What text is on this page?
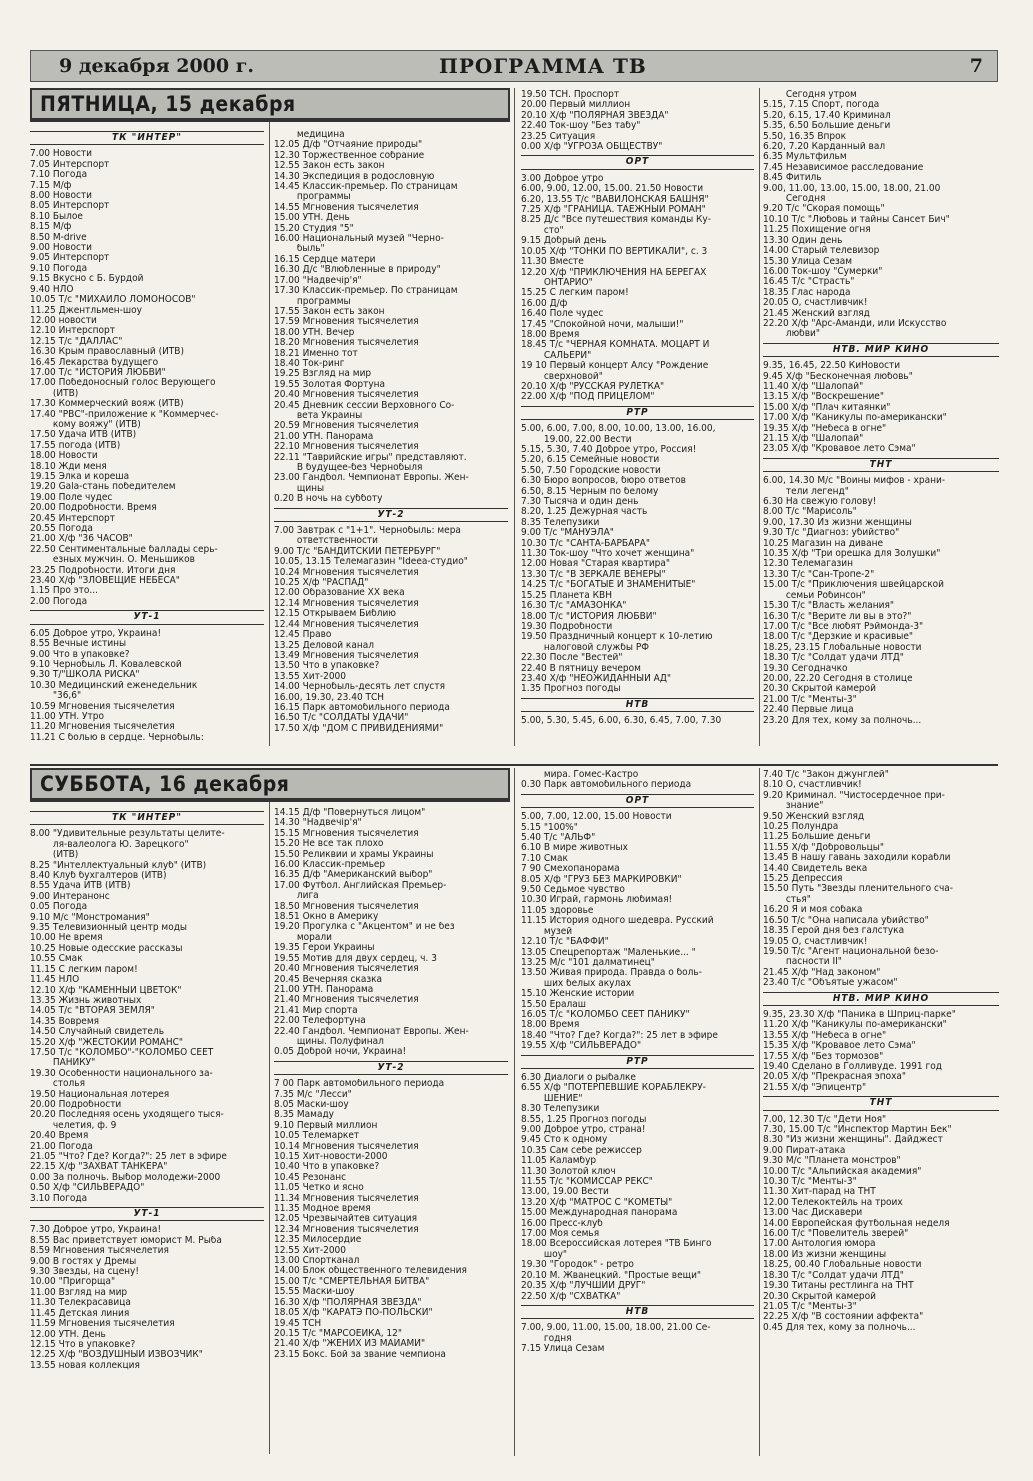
9 декабря 2000 г.	ПРОГРАММА ТВ	7
ПЯТНИЦА, 15 декабря
ТК "ИНТЕР"
7.00 Новости
7.05 Интерспорт
7.10 Погода
7.15 М/ф
8.00 Новости
8.05 Интерспорт
8.10 Былое
8.15 М/ф
8.50 M-drive
9.00 Новости
9.05 Интерспорт
9.10 Погода
9.15 Вкусно с Б. Бурдой
9.40 НЛО
10.05 Т/с "МИХАЙЛО ЛОМОНОСОВ"
11.25 Джентльмен-шоу
12.00 новости
12.10 Интерспорт
12.15 Т/с "ДАЛЛАС"
16.30 Крым православный (ИТВ)
16.45 Лекарства будущего
17.00 Т/с "ИСТОРИЯ ЛЮБВИ"
17.00 Победоносный голос Верующего
(ИТВ)
17.30 Коммерческий вояж (ИТВ)
17.40 "РВС"-приложение к "Коммерчес-
кому вояжу" (ИТВ)
17.50 Удача ИТВ (ИТВ)
17.55 погода (ИТВ)
18.00 Новости
18.10 Жди меня
19.15 Элка и кореша
19.20 Gala-стань победителем
19.00 Поле чудес
20.00 Подробности. Время
20.45 Интерспорт
20.55 Погода
21.00 Х/ф "36 ЧАСОВ"
22.50 Сентиментальные баллады серь-
езных мужчин. О. Меньшиков
23.25 Подробности. Итоги дня
23.40 Х/ф "ЗЛОВЕЩИЕ НЕБЕСА"
1.15 Про это...
2.00 Погода
УТ-1
6.05 Доброе утро, Украина!
8.55 Вечные истины
9.00 Что в упаковке?
9.10 Чернобыль Л. Ковалевской
9.30 Т/"ШКОЛА РИСКА"
10.30 Медицинский еженедельник
"36,6"
10.59 Мгновения тысячелетия
11.00 УТН. Утро
11.20 Мгновения тысячелетия
11.21 С болью в сердце. Чернобыль:
медицина
12.05 Д/ф "Отчаяние природы"
12.30 Торжественное собрание
12.55 Закон есть закон
14.30 Экспедиция в родословную
14.45 Классик-премьер. По страницам
программы
14.55 Мгновения тысячелетия
15.00 УТН. День
15.20 Студия "5"
16.00 Национальный музей "Черно-
быль"
16.15 Сердце матери
16.30 Д/с "Влюбленные в природу"
17.00 "Надвечiр'я"
17.30 Классик-премьер. По страницам
программы
17.55 Закон есть закон
17.59 Мгновения тысячелетия
18.00 УТН. Вечер
18.20 Мгновения тысячелетия
18.21 Именно тот
18.40 Ток-ринг
19.25 Взгляд на мир
19.55 Золотая Фортуна
20.40 Мгновения тысячелетия
20.45 Дневник сессии Верховного Со-
вета Украины
20.59 Мгновения тысячелетия
21.00 УТН. Панорама
22.10 Мгновения тысячелетия
22.11 "Таврийские игры" представляют.
В будущее-без Чернобыля
23.00 Гандбол. Чемпионат Европы. Жен-
щины
0.20 В ночь на субботу
УТ-2
7.00 Завтрак с "1+1". Чернобыль: мера
ответственности
9.00 Т/с "БАНДИТСКИЙ ПЕТЕРБУРГ"
10.05, 13.15 Телемагазин "Ideea-студио"
10.24 Мгновения тысячелетия
10.25 Х/ф "РАСПАД"
12.00 Образование ХХ века
12.14 Мгновения тысячелетия
12.15 Открываем Библию
12.44 Мгновения тысячелетия
12.45 Право
13.25 Деловой канал
13.49 Мгновения тысячелетия
13.50 Что в упаковке?
13.55 Хит-2000
14.00 Чернобыль-десять лет спустя
16.00, 19.30, 23.40 ТСН
16.15 Парк автомобильного периода
16.50 Т/с "СОЛДАТЫ УДАЧИ"
17.50 Х/ф "ДОМ С ПРИВИДЕНИЯМИ"
19.50 ТСН. Проспорт
20.00 Первый миллион
20.10 Х/ф "ПОЛЯРНАЯ ЗВЕЗДА"
22.40 Ток-шоу "Без табу"
23.25 Ситуация
0.00 Х/ф "УГРОЗА ОБЩЕСТВУ"
ОРТ
3.00 Доброе утро
6.00, 9.00, 12.00, 15.00. 21.50 Новости
6.20, 13.55 Т/с "ВАВИЛОНСКАЯ БАШНЯ"
7.25 Х/ф "ГРАНИЦА. ТАЕЖНЫЙ РОМАН"
8.25 Д/с "Все путешествия команды Ку-
сто"
9.15 Добрый день
10.05 Х/ф "ТОНКИ ПО ВЕРТИКАЛИ", с. 3
11.30 Вместе
12.20 Х/ф "ПРИКЛЮЧЕНИЯ НА БЕРЕГАХ
ОНТАРИО"
15.25 С легким паром!
16.00 Д/ф
16.40 Поле чудес
17.45 "Спокойной ночи, малыши!"
18.00 Время
18.45 Т/с "ЧЕРНАЯ КОМНАТА. МОЦАРТ И
САЛЬЕРИ"
19 10 Первый концерт Алсу "Рождение
сверхновой"
20.10 Х/ф "РУССКАЯ РУЛЕТКА"
22.00 Х/ф "ПОД ПРИЦЕЛОМ"
РТР
5.00, 6.00, 7.00, 8.00, 10.00, 13.00, 16.00,
19.00, 22.00 Вести
5.15, 5.30, 7.40 Доброе утро, Россия!
5.20, 6.15 Семейные новости
5.50, 7.50 Городские новости
6.30 Бюро вопросов, бюро ответов
6.50, 8.15 Черным по белому
7.30 Тысяча и один день
8.20, 1.25 Дежурная часть
8.35 Телепузики
9.00 Т/с "МАНУЭЛА"
10.30 Т/с "САНТА-БАРБАРА"
11.30 Ток-шоу "Что хочет женщина"
12.00 Новая "Старая квартира"
13.30 Т/с "В ЗЕРКАЛЕ ВЕНЕРЫ"
14.25 Т/с "БОГАТЫЕ И ЗНАМЕНИТЫЕ"
15.25 Планета КВН
16.30 Т/с "АМАЗОНКА"
18.00 Т/с "ИСТОРИЯ ЛЮБВИ"
19.30 Подробности
19.50 Праздничный концерт к 10-летию
налоговой службы РФ
22.30 После "Вестей"
22.40 В пятницу вечером
23.40 Х/ф "НЕОЖИДАННЫЙ АД"
1.35 Прогноз погоды
НТВ
5.00, 5.30, 5.45, 6.00, 6.30, 6.45, 7.00, 7.30
Сегодня утром
5.15, 7.15 Спорт, погода
5.20, 6.15, 17.40 Криминал
5.35, 6.50 Большие деньги
5.50, 16.35 Впрок
6.20, 7.20 Карданный вал
6.35 Мультфильм
7.45 Независимое расследование
8.45 Фитиль
9.00, 11.00, 13.00, 15.00, 18.00, 21.00
Сегодня
9.20 Т/с "Скорая помощь"
10.10 Т/с "Любовь и тайны Сансет Бич"
11.25 Похищение огня
13.30 Один день
14.00 Старый телевизор
15.30 Улица Сезам
16.00 Ток-шоу "Сумерки"
16.45 Т/с "Страсть"
18.35 Глас народа
20.05 О, счастливчик!
21.45 Женский взгляд
22.20 Х/ф "Арс-Аманди, или Искусство
любви"
НТВ. МИР КИНО
9.35, 16.45, 22.50 КиНовости
9.45 Х/ф "Бесконечная любовь"
11.40 Х/ф "Шалопай"
13.15 Х/ф "Воскрешение"
15.00 Х/ф "Плач китаянки"
17.00 Х/ф "Каникулы по-американски"
19.35 Х/ф "Небеса в огне"
21.15 Х/ф "Шалопай"
23.05 Х/ф "Кровавое лето Сэма"
ТНТ
6.00, 14.30 М/с "Воины мифов - храни-
тели легенд"
6.30 На свежую голову!
8.00 Т/с "Марисоль"
9.00, 17.30 Из жизни женщины
9.30 Т/с "Диагноз: убийство"
10.25 Магазин на диване
10.35 Х/ф "Три орешка для Золушки"
12.30 Телемагазин
13.30 Т/с "Сан-Тропе-2"
15.00 Т/с "Приключения швейцарской
семьи Робинсон"
15.30 Т/с "Власть желания"
16.30 Т/с "Верите ли вы в это?"
17.00 Т/с "Все любят Рэймонда-3"
18.00 Т/с "Дерзкие и красивые"
18.25, 23.15 Глобальные новости
18.30 Т/с "Солдат удачи ЛТД"
19.30 Сегодначко
20.00, 22.20 Сегодня в столице
20.30 Скрытой камерой
21.00 Т/с "Менты-3"
22.40 Первые лица
23.20 Для тех, кому за полночь...
СУББОТА, 16 декабря
ТК "ИНТЕР"
8.00 "Удивительные результаты целите-
ля-валеолога Ю. Зарецкого"
(ИТВ)
8.25 "Интеллектуальный клуб" (ИТВ)
8.40 Клуб бухгалтеров (ИТВ)
8.55 Удача ИТВ (ИТВ)
9.00 Интерaнонс
0.05 Погода
9.10 М/с "Монстромания"
9.35 Телевизионный центр моды
10.00 Не время
10.25 Новые одесские рассказы
10.55 Смак
11.15 С легким паром!
11.45 НЛО
12.10 Х/ф "КАМЕННЫЙ ЦВЕТОК"
13.35 Жизнь животных
14.05 Т/с "ВТОРАЯ ЗЕМЛЯ"
14.35 Вовремя
14.50 Случайный свидетель
15.20 Х/ф "ЖЕСТОКИЙ РОМАНС"
17.50 Т/с "КОЛОМБО"-"КОЛОМБО СЕЕТ
ПАНИКУ"
19.30 Особенности национального за-
столья
19.50 Национальная лотерея
20.00 Подробности
20.20 Последняя осень уходящего тыся-
челетия, ф. 9
20.40 Время
21.00 Погода
21.05 "Что? Где? Когда?": 25 лет в эфире
22.15 Х/ф "ЗАХВАТ ТАНКЕРА"
0.00 За полночь. Выбор молодежи-2000
0.50 Х/ф "СИЛЬВЕРАДО"
3.10 Погода
УТ-1
7.30 Доброе утро, Украина!
8.55 Вас приветствует юморист М. Рыба
8.59 Мгновения тысячелетия
9.00 В гостях у Дремы
9.30 Звезды, на сцену!
10.00 "Пригорща"
11.00 Взгляд на мир
11.30 Телекрасавица
11.45 Детская линия
11.59 Мгновения тысячелетия
12.00 УТН. День
12.15 Что в упаковке?
12.25 Х/ф "ВОЗДУШНЫЙ ИЗВОЗЧИК"
13.55 новая коллекция
14.15 Д/ф "Повернуться лицом"
14.30 "Надвечiр'я"
15.15 Мгновения тысячелетия
15.20 Не все так плохо
15.50 Реликвии и храмы Украины
16.00 Классик-премьер
16.35 Д/ф "Американский выбор"
17.00 Футбол. Английская Премьер-
лига
18.50 Мгновения тысячелетия
18.51 Окно в Америку
19.20 Прогулка с "Акцентом" и не без
морали
19.35 Герои Украины
19.55 Мотив для двух сердец, ч. 3
20.40 Мгновения тысячелетия
20.45 Вечерняя сказка
21.00 УТН. Панорама
21.40 Мгновения тысячелетия
21.41 Мир спорта
22.00 Телефортуна
22.40 Гандбол. Чемпионат Европы. Жен-
щины. Полуфинал
0.05 Доброй ночи, Украина!
УТ-2
7 00 Парк автомобильного периода
7.35 М/с "Лесси"
8.05 Маски-шоу
8.35 Мамаду
9.10 Первый миллион
10.05 Телемаркет
10.14 Мгновения тысячелетия
10.15 Хит-новости-2000
10.40 Что в упаковке?
10.45 Резонанс
11.05 Четко и ясно
11.34 Мгновения тысячелетия
11.35 Модное время
12.05 Чрезвычайтев ситуация
12.34 Мгновения тысячелетия
12.35 Милосердие
12.55 Хит-2000
13.00 Спортканал
14.00 Блок общественного телевидения
15.00 Т/с "СМЕРТЕЛЬНАЯ БИТВА"
15.55 Маски-шоу
16.30 Х/ф "ПОЛЯРНАЯ ЗВЕЗДА"
18.05 Х/ф "КАРАТЭ ПО-ПОЛЬСКИ"
19.45 ТСН
20.15 Т/с "МАРСОЕЙКА, 12"
21.40 Х/ф "ЖЕНИХ ИЗ МАЙАМИ"
23.15 Бокс. Бой за звание чемпиона
мира. Гомес-Кастро
0.30 Парк автомобильного периода
ОРТ
5.00, 7.00, 12.00, 15.00 Новости
5.15 "100%"
5.40 Т/с "АЛЬФ"
6.10 В мире животных
7.10 Смак
7 90 Смехопанорама
8.05 Х/ф "ГРУЗ БЕЗ МАРКИРОВКИ"
9.50 Седьмое чувство
10.30 Играй, гармонь любимая!
11.05 здоровье
11.15 История одного шедевра. Русский
музей
12.10 Т/с "БАФФИ"
13.05 Спецрепортаж "Маленькие... "
13.25 М/с "101 далматинец"
13.50 Живая природа. Правда о боль-
ших белых акулах
15.10 Женские истории
15.50 Ералаш
16.05 Т/с "КОЛОМБО СЕЕТ ПАНИКУ"
18.00 Время
18.40 "Что? Где? Когда?": 25 лет в эфире
19.55 Х/ф "СИЛЬВЕРАДО"
РТР
6.30 Диалоги о рыбалке
6.55 Х/ф "ПОТЕРПЕВШИЕ КОРАБЛЕКРУ-
ШЕНИЕ"
8.30 Телепузики
8.55, 1.25 Прогноз погоды
9.00 Доброе утро, страна!
9.45 Сто к одному
10.35 Сам себе режиссер
11.05 Каламбур
11.30 Золотой ключ
11.55 Т/с "КОМИССАР РЕКС"
13.00, 19.00 Вести
13.20 Х/ф "МАТРОС С "КОМЕТЫ"
15.00 Международная панорама
16.00 Пресс-клуб
17.00 Моя семья
18.00 Всероссийская лотерея "ТВ Бинго
шоу"
19.30 "Городок" - ретро
20.10 М. Жванецкий. "Простые вещи"
20.35 Х/ф "ЛУЧШИЙ ДРУГ"
22.50 Х/ф "СХВАТКА"
НТВ
7.00, 9.00, 11.00, 15.00, 18.00, 21.00 Се-
годня
7.15 Улица Сезам
7.40 Т/с "Закон джунглей"
8.10 О, счастливчик!
9.20 Криминал. "Чистосердечное при-
знание"
9.50 Женский взгляд
10.25 Полундра
11.25 Большие деньги
11.55 Х/ф "Добровольцы"
13.45 В нашу гавань заходили корабли
14.40 Свидетель века
15.25 Депрессия
15.50 Путь "Звезды пленительного сча-
стья"
16.20 Я и моя собака
16.50 Т/с "Она написала убийство"
18.35 Герой дня без галстука
19.05 О, счастливчик!
19.50 Т/с "Агент национальной безо-
пасности II"
21.45 Х/ф "Над законом"
23.40 Т/с "Объятые ужасом"
НТВ. МИР КИНО
9.35, 23.30 Х/ф "Паника в Шприц-парке"
11.20 Х/ф "Каникулы по-американски"
13.55 Х/ф "Небеса в огне"
15.35 Х/ф "Кровавое лето Сэма"
17.55 Х/ф "Без тормозов"
19.40 Сделано в Голливуде. 1991 год
20.05 Х/ф "Прекрасная эпоха"
21.55 Х/ф "Эпицентр"
ТНТ
7.00, 12.30 Т/с "Дети Ноя"
7.30, 15.00 Т/с "Инспектор Мартин Бек"
8.30 "Из жизни женщины". Дайджест
9.00 Пират-атака
9.30 М/с "Планета монстров"
10.00 Т/с "Альпийская академия"
10.30 Т/с "Менты-3"
11.30 Хит-парад на ТНТ
12.00 Телекоктейль на троих
13.00 Час Дискавери
14.00 Европейская футбольная неделя
16.00 Т/с "Повелитель зверей"
17.00 Антология юмора
18.00 Из жизни женщины
18.25, 00.40 Глобальные новости
18.30 Т/с "Солдат удачи ЛТД"
19.30 Титаны рестлинга на ТНТ
20.30 Скрытой камерой
21.05 Т/с "Менты-3"
22.25 Х/ф "В состоянии аффекта"
0.45 Для тех, кому за полночь...
